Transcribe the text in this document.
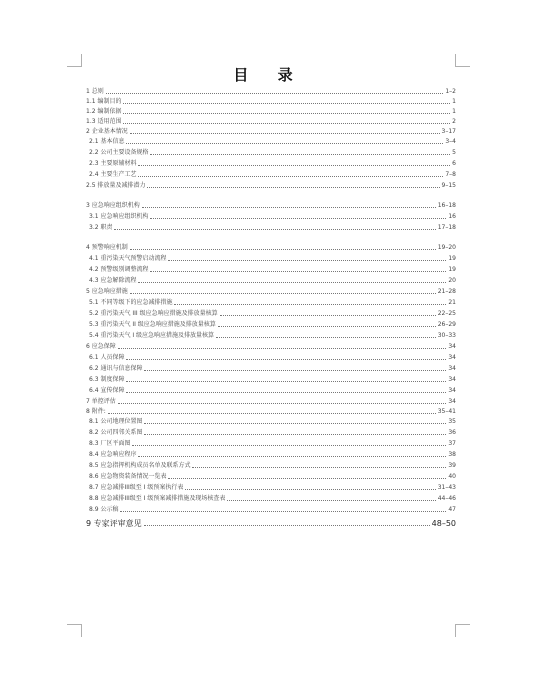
目 录
1 总则	1–2
1.1 编制目的	1
1.2 编制依据	1
1.3 适用范围	2
2 企业基本情况	3–17
2.1 基本信息	3–4
2.2 公司主要设备规格	5
2.3 主要原辅材料	6
2.4 主要生产工艺	7–8
2.5 排放量及减排潜力	9–15
3 应急响应组织机构	16–18
3.1 应急响应组织机构	16
3.2 职责	17–18
4 预警响应机制	19–20
4.1 重污染天气预警启动流程	19
4.2 预警级别调整流程	19
4.3 应急解除流程	20
5 应急响应措施	21–28
5.1 不同等级下的应急减排措施	21
5.2 重污染天气 III 级应急响应措施及排放量核算	22–25
5.3 重污染天气 II 级应急响应措施及排放量核算	26–29
5.4 重污染天气 I 级应急响应措施及排放量核算	30–33
6 应急保障	34
6.1 人员保障	34
6.2 通讯与信息保障	34
6.3 制度保障	34
6.4 宣传保障	34
7 单控评估	34
8 附件:	35–41
8.1 公司地理位置图	35
8.2 公司四邻关系图	36
8.3 厂区平面图	37
8.4 应急响应程序	38
8.5 应急指挥机构成员名单及联系方式	39
8.6 应急物资装备情况一览表	40
8.7 应急减排III级至 I 级预案执行表	31–43
8.8 应急减排III级至 I 级预案减排措施及现场核查表	44–46
8.9 公示稿	47
9 专家评审意见	48–50
